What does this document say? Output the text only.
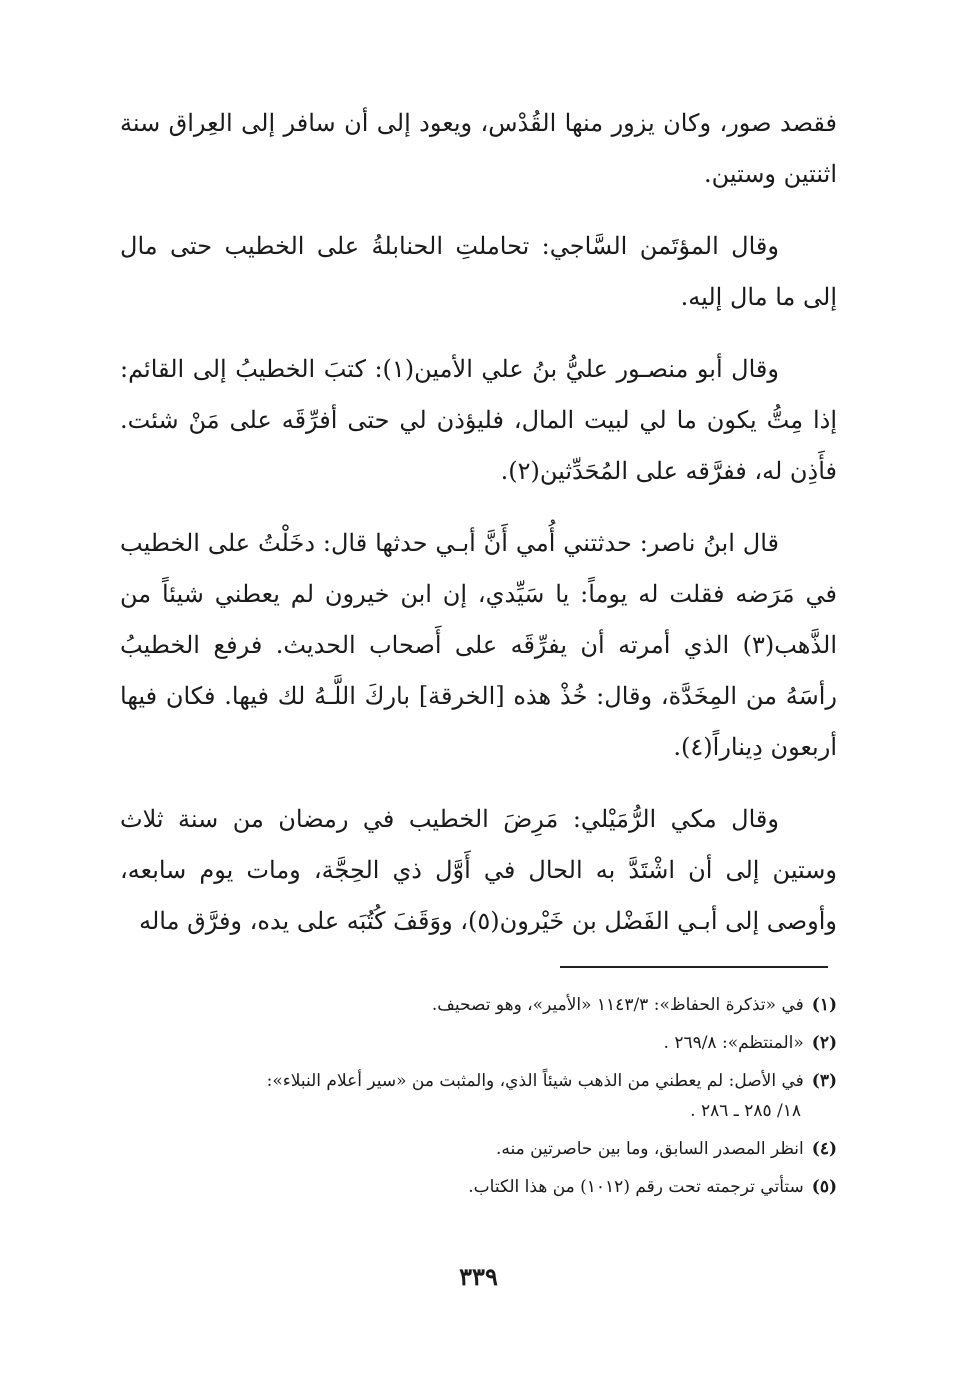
فقصد صور، وكان يزور منها القُدْس، ويعود إلى أن سافر إلى العِراق سنة اثنتين وستين.

وقال المؤتَمن السَّاجي: تحاملتِ الحنابلةُ على الخطيب حتى مال إلى ما مال إليه.

وقال أبو منصـور عليُّ بنُ علي الأمين(١): كتبَ الخطيبُ إلى القائم: إذا مِتُّ يكون ما لي لبيت المال، فليؤذن لي حتى أفرِّقَه على مَنْ شئت. فأَذِن له، ففرَّقه على المُحَدِّثين(٢).

قال ابنُ ناصر: حدثتني أُمي أَنَّ أبـي حدثها قال: دخَلْتُ على الخطيب في مَرَضه فقلت له يوماً: يا سَيِّدي، إن ابن خيرون لم يعطني شيئاً من الذَّهب(٣) الذي أمرته أن يفرِّقَه على أَصحاب الحديث. فرفع الخطيبُ رأسَهُ من المِخَدَّة، وقال: خُذْ هذه [الخرقة] باركَ اللَّـهُ لك فيها. فكان فيها أربعون دِيناراً(٤).

وقال مكي الرُّمَيْلي: مَرِضَ الخطيب في رمضان من سنة ثلاث وستين إلى أن اشْتَدَّ به الحال في أَوَّل ذي الحِجَّة، ومات يوم سابعه، وأوصى إلى أبـي الفَضْل بن خَيْرون(٥)، ووَقَفَ كُتُبَه على يده، وفرَّق ماله

(١)في «تذكرة الحفاظ»: ١١٤٣/٣ «الأمير»، وهو تصحيف.

(٢)«المنتظم»: ٢٦٩/٨ .

(٣)في الأصل: لم يعطني من الذهب شيئاً الذي، والمثبت من «سير أعلام النبلاء»:
١٨/ ٢٨٥ ـ ٢٨٦ .

(٤)انظر المصدر السابق، وما بين حاصرتين منه.

(٥)ستأتي ترجمته تحت رقم (١٠١٢) من هذا الكتاب.

٣٣٩
